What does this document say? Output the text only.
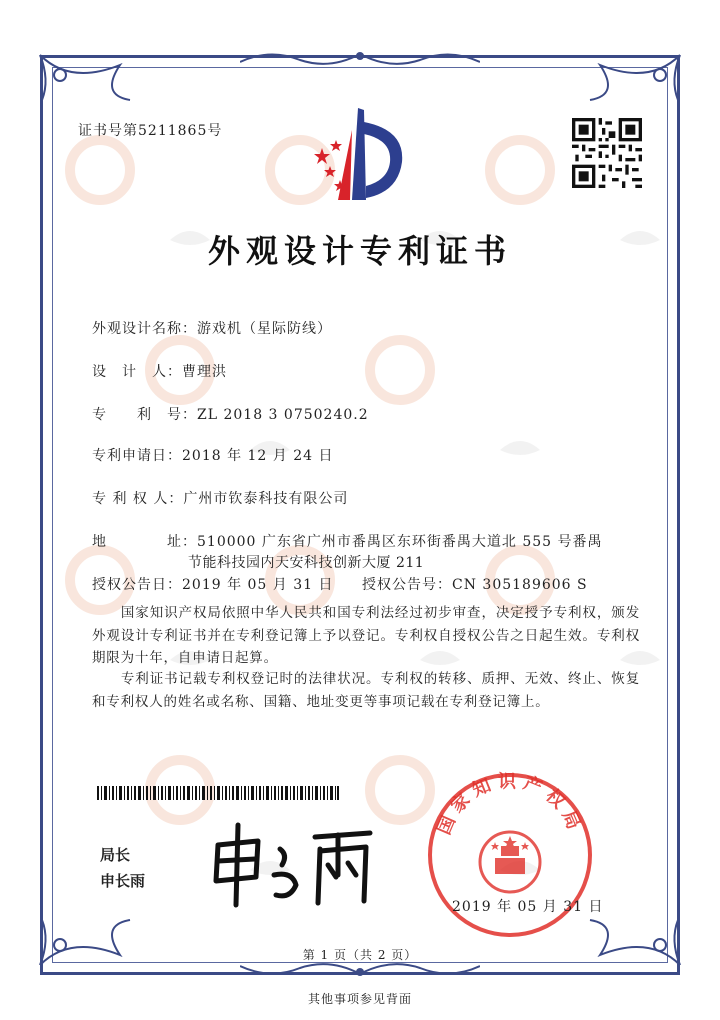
证书号第5211865号
外观设计专利证书
外观设计名称：游戏机（星际防线）
设　计　人：曹理洪
专　　利　号：ZL 2018 3 0750240.2
专利申请日：2018 年 12 月 24 日
专 利 权 人：广州市钦泰科技有限公司
地　　　　址：510000 广东省广州市番禺区东环街番禺大道北 555 号番禺
节能科技园内天安科技创新大厦 211
授权公告日：2019 年 05 月 31 日 授权公告号：CN 305189606 S
　　国家知识产权局依照中华人民共和国专利法经过初步审查，决定授予专利权，颁发外观设计专利证书并在专利登记簿上予以登记。专利权自授权公告之日起生效。专利权期限为十年，自申请日起算。
　　专利证书记载专利权登记时的法律状况。专利权的转移、质押、无效、终止、恢复和专利权人的姓名或名称、国籍、地址变更等事项记载在专利登记簿上。
局长
申长雨
国家知识产权局
2019 年 05 月 31 日
第 1 页（共 2 页）
其他事项参见背面
